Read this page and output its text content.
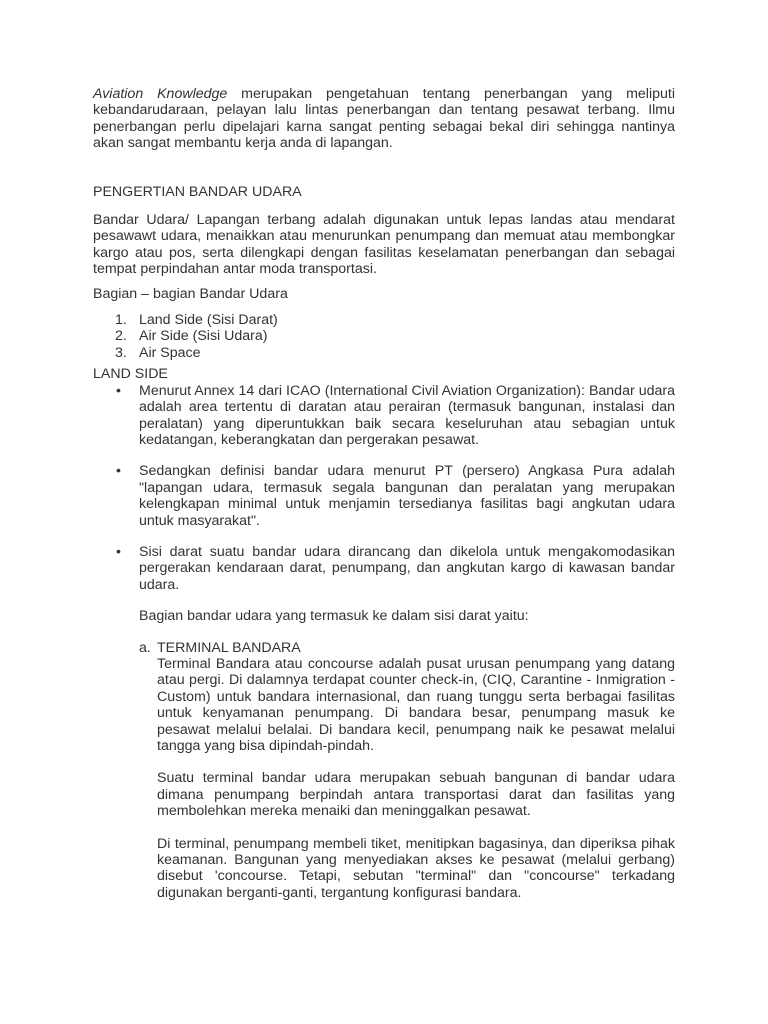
Aviation Knowledge merupakan pengetahuan tentang penerbangan yang meliputi kebandarudaraan, pelayan lalu lintas penerbangan dan tentang pesawat terbang. Ilmu penerbangan perlu dipelajari karna sangat penting sebagai bekal diri sehingga nantinya akan sangat membantu kerja anda di lapangan.

PENGERTIAN BANDAR UDARA

Bandar Udara/ Lapangan terbang adalah digunakan untuk lepas landas atau mendarat pesawawt udara, menaikkan atau menurunkan penumpang dan memuat atau membongkar kargo atau pos, serta dilengkapi dengan fasilitas keselamatan penerbangan dan sebagai tempat perpindahan antar moda transportasi.

Bagian – bagian Bandar Udara

1. Land Side (Sisi Darat)
2. Air Side (Sisi Udara)
3. Air Space

LAND SIDE

• Menurut Annex 14 dari ICAO (International Civil Aviation Organization): Bandar udara adalah area tertentu di daratan atau perairan (termasuk bangunan, instalasi dan peralatan) yang diperuntukkan baik secara keseluruhan atau sebagian untuk kedatangan, keberangkatan dan pergerakan pesawat.

• Sedangkan definisi bandar udara menurut PT (persero) Angkasa Pura adalah "lapangan udara, termasuk segala bangunan dan peralatan yang merupakan kelengkapan minimal untuk menjamin tersedianya fasilitas bagi angkutan udara untuk masyarakat".

• Sisi darat suatu bandar udara dirancang dan dikelola untuk mengakomodasikan pergerakan kendaraan darat, penumpang, dan angkutan kargo di kawasan bandar udara.

Bagian bandar udara yang termasuk ke dalam sisi darat yaitu:

a. TERMINAL BANDARA

Terminal Bandara atau concourse adalah pusat urusan penumpang yang datang atau pergi. Di dalamnya terdapat counter check-in, (CIQ, Carantine - Inmigration - Custom) untuk bandara internasional, dan ruang tunggu serta berbagai fasilitas untuk kenyamanan penumpang. Di bandara besar, penumpang masuk ke pesawat melalui belalai. Di bandara kecil, penumpang naik ke pesawat melalui tangga yang bisa dipindah-pindah.

Suatu terminal bandar udara merupakan sebuah bangunan di bandar udara dimana penumpang berpindah antara transportasi darat dan fasilitas yang membolehkan mereka menaiki dan meninggalkan pesawat.

Di terminal, penumpang membeli tiket, menitipkan bagasinya, dan diperiksa pihak keamanan. Bangunan yang menyediakan akses ke pesawat (melalui gerbang) disebut 'concourse. Tetapi, sebutan "terminal" dan "concourse" terkadang digunakan berganti-ganti, tergantung konfigurasi bandara.
